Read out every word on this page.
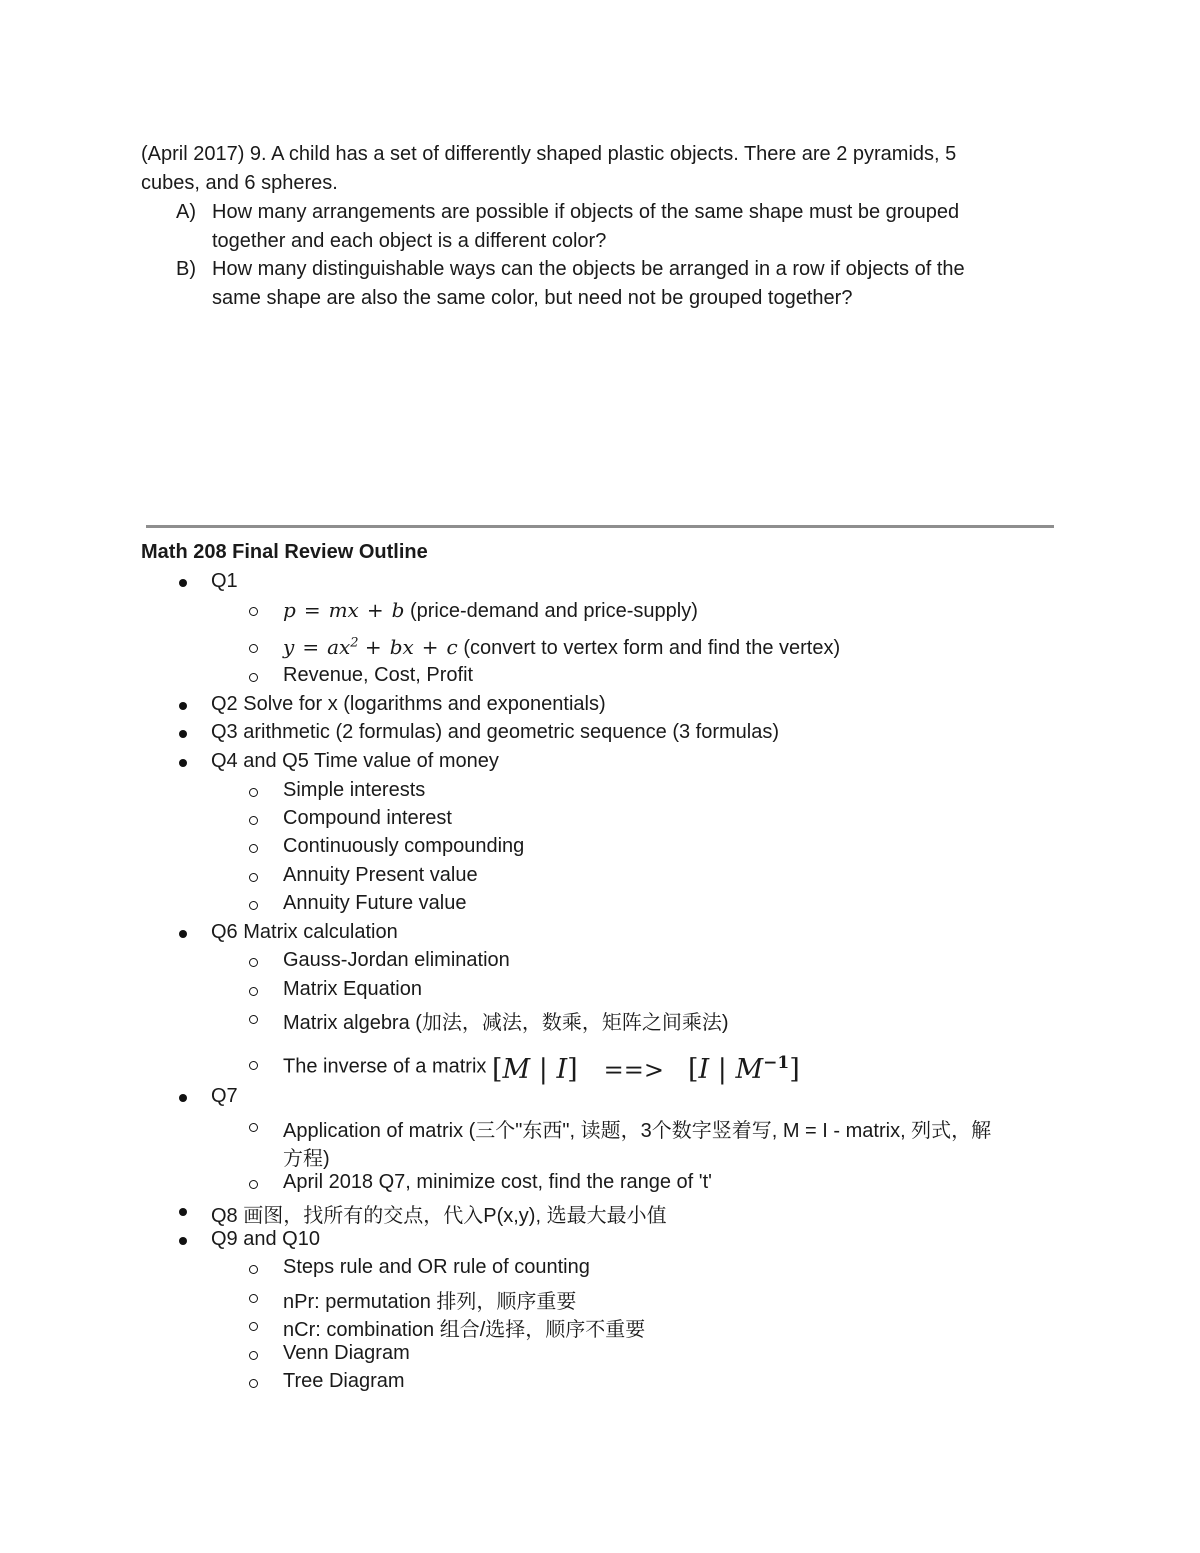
(April 2017) 9. A child has a set of differently shaped plastic objects. There are 2 pyramids, 5
cubes, and 6 spheres.
A) How many arrangements are possible if objects of the same shape must be grouped
together and each object is a different color?
B) How many distinguishable ways can the objects be arranged in a row if objects of the
same shape are also the same color, but need not be grouped together?
Math 208 Final Review Outline
Q1
p = mx + b (price-demand and price-supply)
$y = ax^2$ + bx + c (convert to vertex form and find the vertex)
Revenue, Cost, Profit
Q2 Solve for x (logarithms and exponentials)
Q3 arithmetic (2 formulas) and geometric sequence (3 formulas)
Q4 and Q5 Time value of money
Simple interests
Compound interest
Continuously compounding
Annuity Present value
Annuity Future value
Q6 Matrix calculation
Gauss-Jordan elimination
Matrix Equation
Matrix algebra (加法，减法，数乘，矩阵之间乘法)
The inverse of a matrix [M | I] ==> [I | $M^{-1}$]
Q7
Application of matrix (三个"东西", 读题，3个数字竖着写, M = I - matrix, 列式，解
方程)
April 2018 Q7, minimize cost, find the range of 't'
Q8 画图，找所有的交点，代入P(x,y), 选最大最小值
Q9 and Q10
Steps rule and OR rule of counting
nPr: permutation 排列，顺序重要
nCr: combination 组合/选择，顺序不重要
Venn Diagram
Tree Diagram
